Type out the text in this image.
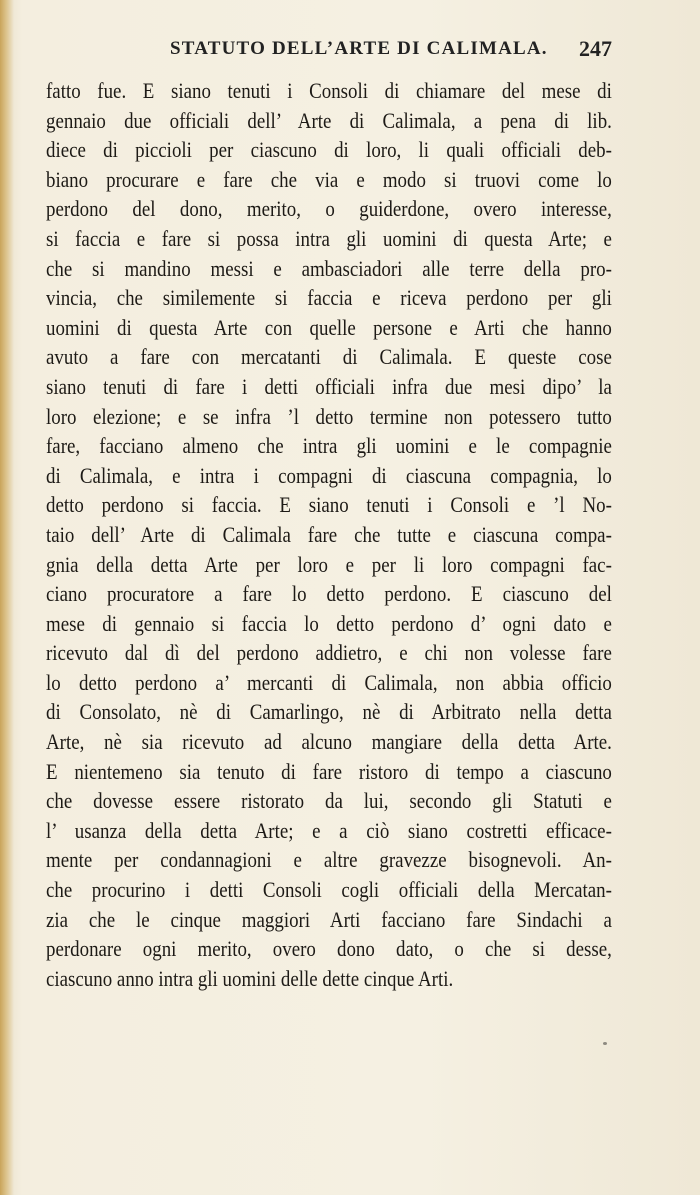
STATUTO DELL’ARTE DI CALIMALA. 247
fatto fue. E siano tenuti i Consoli di chiamare del mese di
gennaio due officiali dell’ Arte di Calimala, a pena di lib.
diece di piccioli per ciascuno di loro, li quali officiali deb-
biano procurare e fare che via e modo si truovi come lo
perdono del dono, merito, o guiderdone, overo interesse,
si faccia e fare si possa intra gli uomini di questa Arte; e
che si mandino messi e ambasciadori alle terre della pro-
vincia, che similemente si faccia e riceva perdono per gli
uomini di questa Arte con quelle persone e Arti che hanno
avuto a fare con mercatanti di Calimala. E queste cose
siano tenuti di fare i detti officiali infra due mesi dipo’ la
loro elezione; e se infra ’l detto termine non potessero tutto
fare, facciano almeno che intra gli uomini e le compagnie
di Calimala, e intra i compagni di ciascuna compagnia, lo
detto perdono si faccia. E siano tenuti i Consoli e ’l No-
taio dell’ Arte di Calimala fare che tutte e ciascuna compa-
gnia della detta Arte per loro e per li loro compagni fac-
ciano procuratore a fare lo detto perdono. E ciascuno del
mese di gennaio si faccia lo detto perdono d’ ogni dato e
ricevuto dal dì del perdono addietro, e chi non volesse fare
lo detto perdono a’ mercanti di Calimala, non abbia officio
di Consolato, nè di Camarlingo, nè di Arbitrato nella detta
Arte, nè sia ricevuto ad alcuno mangiare della detta Arte.
E nientemeno sia tenuto di fare ristoro di tempo a ciascuno
che dovesse essere ristorato da lui, secondo gli Statuti e
l’ usanza della detta Arte; e a ciò siano costretti efficace-
mente per condannagioni e altre gravezze bisognevoli. An-
che procurino i detti Consoli cogli officiali della Mercatan-
zia che le cinque maggiori Arti facciano fare Sindachi a
perdonare ogni merito, overo dono dato, o che si desse,
ciascuno anno intra gli uomini delle dette cinque Arti.
